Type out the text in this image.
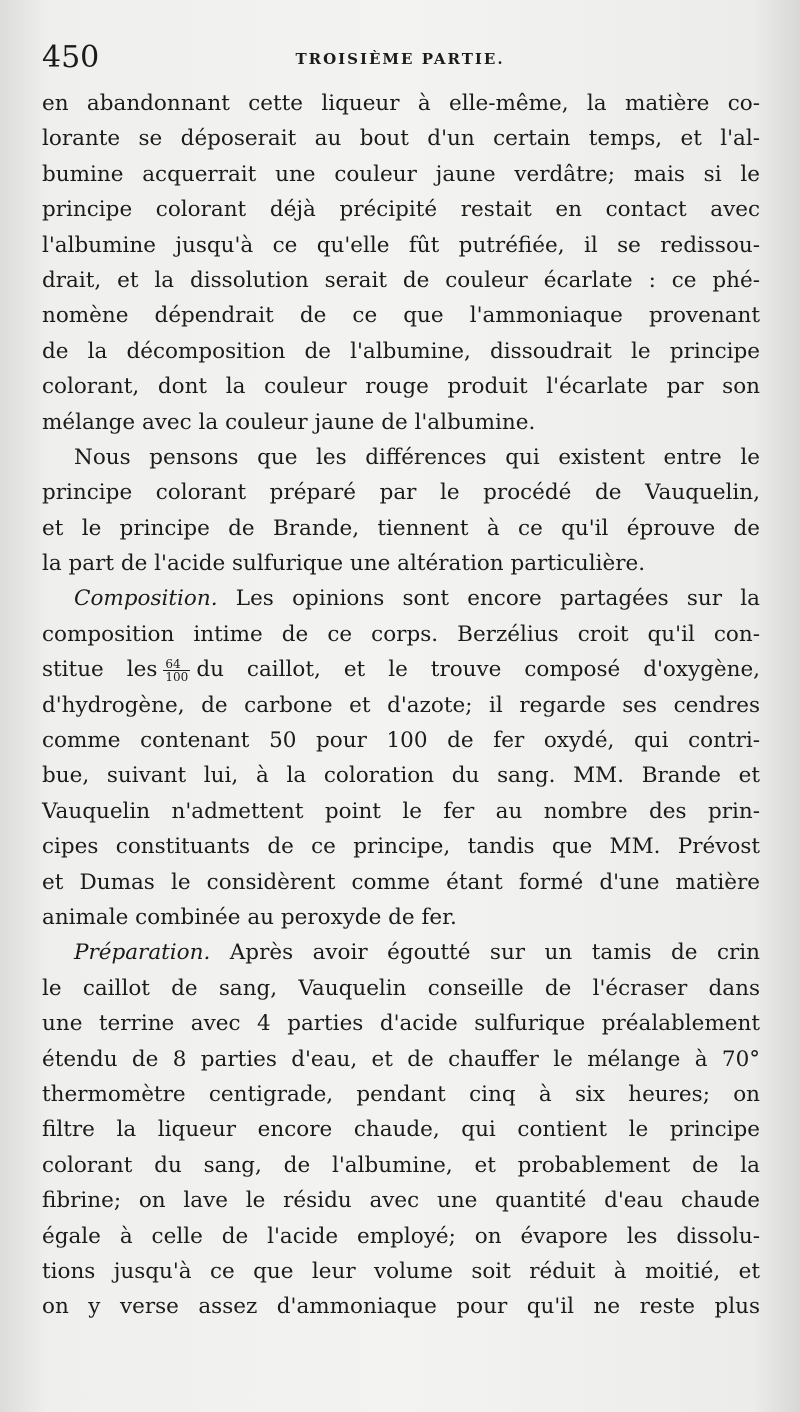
450	TROISIÈME PARTIE.
en abandonnant cette liqueur à elle-même, la matière co-
lorante se déposerait au bout d'un certain temps, et l'al-
bumine acquerrait une couleur jaune verdâtre; mais si le
principe colorant déjà précipité restait en contact avec
l'albumine jusqu'à ce qu'elle fût putréfiée, il se redissou-
drait, et la dissolution serait de couleur écarlate : ce phé-
nomène dépendrait de ce que l'ammoniaque provenant
de la décomposition de l'albumine, dissoudrait le principe
colorant, dont la couleur rouge produit l'écarlate par son
mélange avec la couleur jaune de l'albumine.
Nous pensons que les différences qui existent entre le
principe colorant préparé par le procédé de Vauquelin,
et le principe de Brande, tiennent à ce qu'il éprouve de
la part de l'acide sulfurique une altération particulière.
Composition. Les opinions sont encore partagées sur la
composition intime de ce corps. Berzélius croit qu'il con-
stitue les $\frac{64}{100}$ du caillot, et le trouve composé d'oxygène,
d'hydrogène, de carbone et d'azote; il regarde ses cendres
comme contenant 50 pour 100 de fer oxydé, qui contri-
bue, suivant lui, à la coloration du sang. MM. Brande et
Vauquelin n'admettent point le fer au nombre des prin-
cipes constituants de ce principe, tandis que MM. Prévost
et Dumas le considèrent comme étant formé d'une matière
animale combinée au peroxyde de fer.
Préparation. Après avoir égoutté sur un tamis de crin
le caillot de sang, Vauquelin conseille de l'écraser dans
une terrine avec 4 parties d'acide sulfurique préalablement
étendu de 8 parties d'eau, et de chauffer le mélange à 70°
thermomètre centigrade, pendant cinq à six heures; on
filtre la liqueur encore chaude, qui contient le principe
colorant du sang, de l'albumine, et probablement de la
fibrine; on lave le résidu avec une quantité d'eau chaude
égale à celle de l'acide employé; on évapore les dissolu-
tions jusqu'à ce que leur volume soit réduit à moitié, et
on y verse assez d'ammoniaque pour qu'il ne reste plus
